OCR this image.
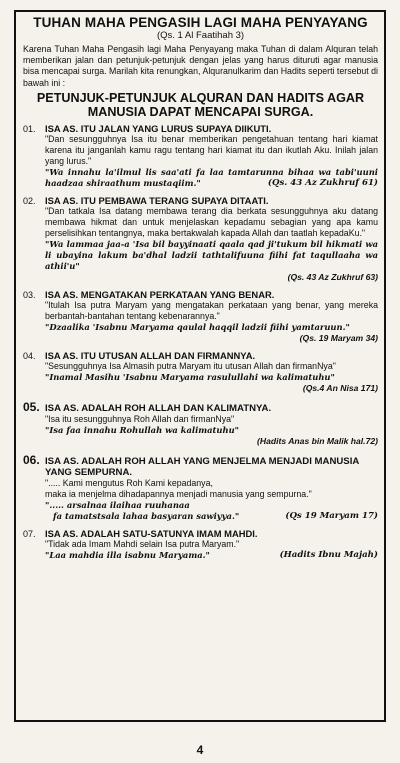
TUHAN MAHA PENGASIH LAGI MAHA PENYAYANG
(Qs. 1 Al Faatihah 3)
Karena Tuhan Maha Pengasih lagi Maha Penyayang maka Tuhan di dalam Alquran telah memberikan jalan dan petunjuk-petunjuk dengan jelas yang harus dituruti agar manusia bisa mencapai surga. Marilah kita renungkan, Alquranulkarim dan Hadits seperti tersebut di bawah ini :
PETUNJUK-PETUNJUK ALQURAN DAN HADITS AGAR MANUSIA DAPAT MENCAPAI SURGA.
01.	ISA AS. ITU JALAN YANG LURUS SUPAYA DIIKUTI.
"Dan sesungguhnya Isa itu benar memberikan pengetahuan tentang hari kiamat karena itu janganlah kamu ragu tentang hari kiamat itu dan ikutlah Aku. Inilah jalan yang lurus."
"Wa innahu la'ilmul lis saa'ati fa laa tamtarunna bihaa wa tabi'uuni haadzaa shiraathum mustaqiim."	(Qs. 43 Az Zukhruf 61)
02.	ISA AS. ITU PEMBAWA TERANG SUPAYA DITAATI.
"Dan tatkala Isa datang membawa terang dia berkata sesungguhnya aku datang membawa hikmat dan untuk menjelaskan kepadamu sebagian yang apa kamu perselisihkan tentangnya, maka bertakwalah kapada Allah dan taatlah kepadaKu."
"Wa lammaa jaa-a 'Isa bil bayyinaati qaala qad ji'tukum bil hikmati wa li ubayina lakum ba'dhal ladzii tathtalifuuna fiihi fat taqullaaha wa athii'u"
(Qs. 43 Az Zukhruf 63)
03.	ISA AS. MENGATAKAN PERKATAAN YANG BENAR.
"Itulah Isa putra Maryam yang mengatakan perkataan yang benar, yang mereka berbantah-bantahan tentang kebenarannya."
"Dzaalika 'Isabnu Maryama qaulal haqqil ladzii fiihi yamtaruun."
(Qs. 19 Maryam 34)
04.	ISA AS. ITU UTUSAN ALLAH DAN FIRMANNYA.
"Sesungguhnya Isa Almasih putra Maryam itu utusan Allah dan firmanNya"
"Inamal Masihu 'Isabnu Maryama rasulullahi wa kalimatuhu"
(Qs.4 An Nisa 171)
05. ISA AS. ADALAH ROH ALLAH DAN KALIMATNYA.
"Isa itu sesungguhnya Roh Allah dan firmanNya"
"Isa faa innahu Rohullah wa kalimatuhu"
(Hadits Anas bin Malik hal.72)
06. ISA AS. ADALAH ROH ALLAH YANG MENJELMA MENJADI MANUSIA YANG SEMPURNA.
"..... Kami mengutus Roh Kami kepadanya,
maka ia menjelma dihadapannya menjadi manusia yang sempurna."
"..... arsalnaa ilaihaa ruuhanaa
fa tamatstsala lahaa basyaran sawiyya."	(Qs 19 Maryam 17)
07.	ISA AS. ADALAH SATU-SATUNYA IMAM MAHDI.
"Tidak ada Imam Mahdi selain Isa putra Maryam."
"Laa mahdia illa isabnu Maryama."	(Hadits Ibnu Majah)
4
